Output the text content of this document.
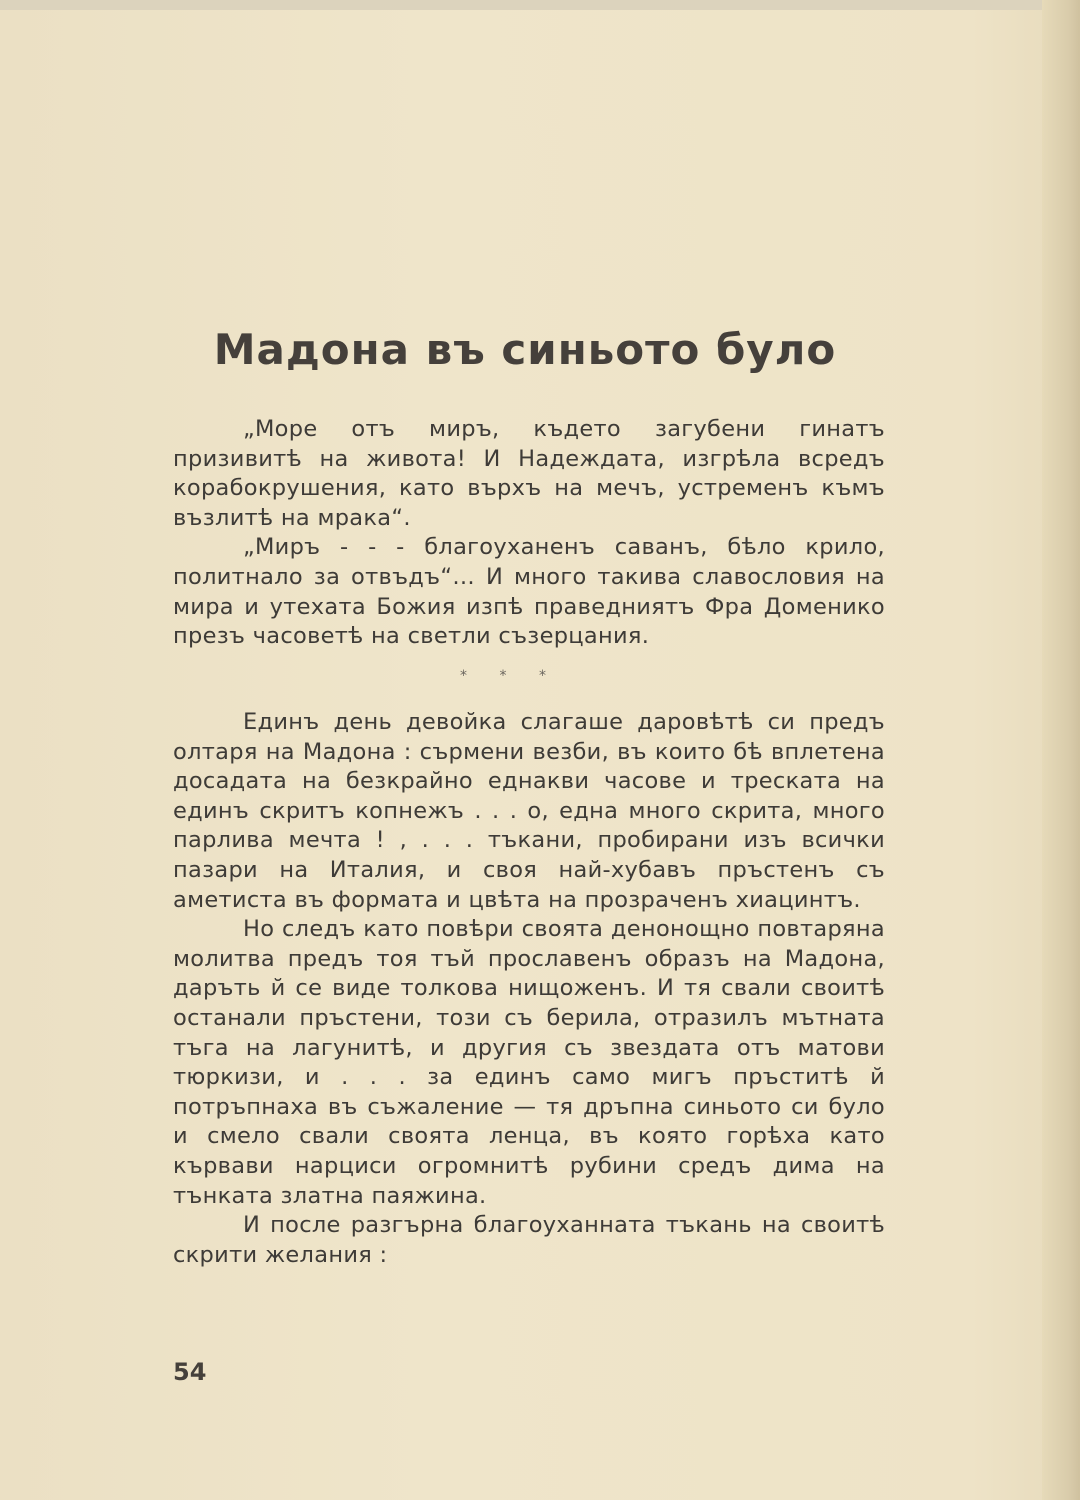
Мадона въ синьото було

„Море отъ миръ, където загубени гинатъ призивитѣ на живота! И Надеждата, изгрѣла всредъ корабокрушения, като върхъ на мечъ, устременъ къмъ възлитѣ на мрака“.

„Миръ - - - благоуханенъ саванъ, бѣло крило, политнало за отвъдъ“… И много такива славословия на мира и утехата Божия изпѣ праведниятъ Фра Доменико презъ часоветѣ на светли съзерцания.

* * *

Единъ день девойка слагаше даровѣтѣ си предъ олтаря на Мадона : сърмени везби, въ които бѣ вплетена досадата на безкрайно еднакви часове и треската на единъ скритъ копнежъ . . . о, една много скрита, много парлива мечта ! , . . . тъкани, пробирани изъ всички пазари на Италия, и своя най-хубавъ пръстенъ съ аметиста въ формата и цвѣта на прозраченъ хиацинтъ.

Но следъ като повѣри своята денонощно повтаряна молитва предъ тоя тъй прославенъ образъ на Мадона, даръть й се виде толкова нищоженъ. И тя свали своитѣ останали пръстени, този съ берила, отразилъ мътната тъга на лагунитѣ, и другия съ звездата отъ матови тюркизи, и . . . за единъ само мигъ пръститѣ й потръпнаха въ съжаление — тя дръпна синьото си було и смело свали своята ленца, въ която горѣха като кървави нарциси огромнитѣ рубини средъ дима на тънката златна паяжина.

И после разгърна благоуханната тъкань на своитѣ скрити желания :

54
